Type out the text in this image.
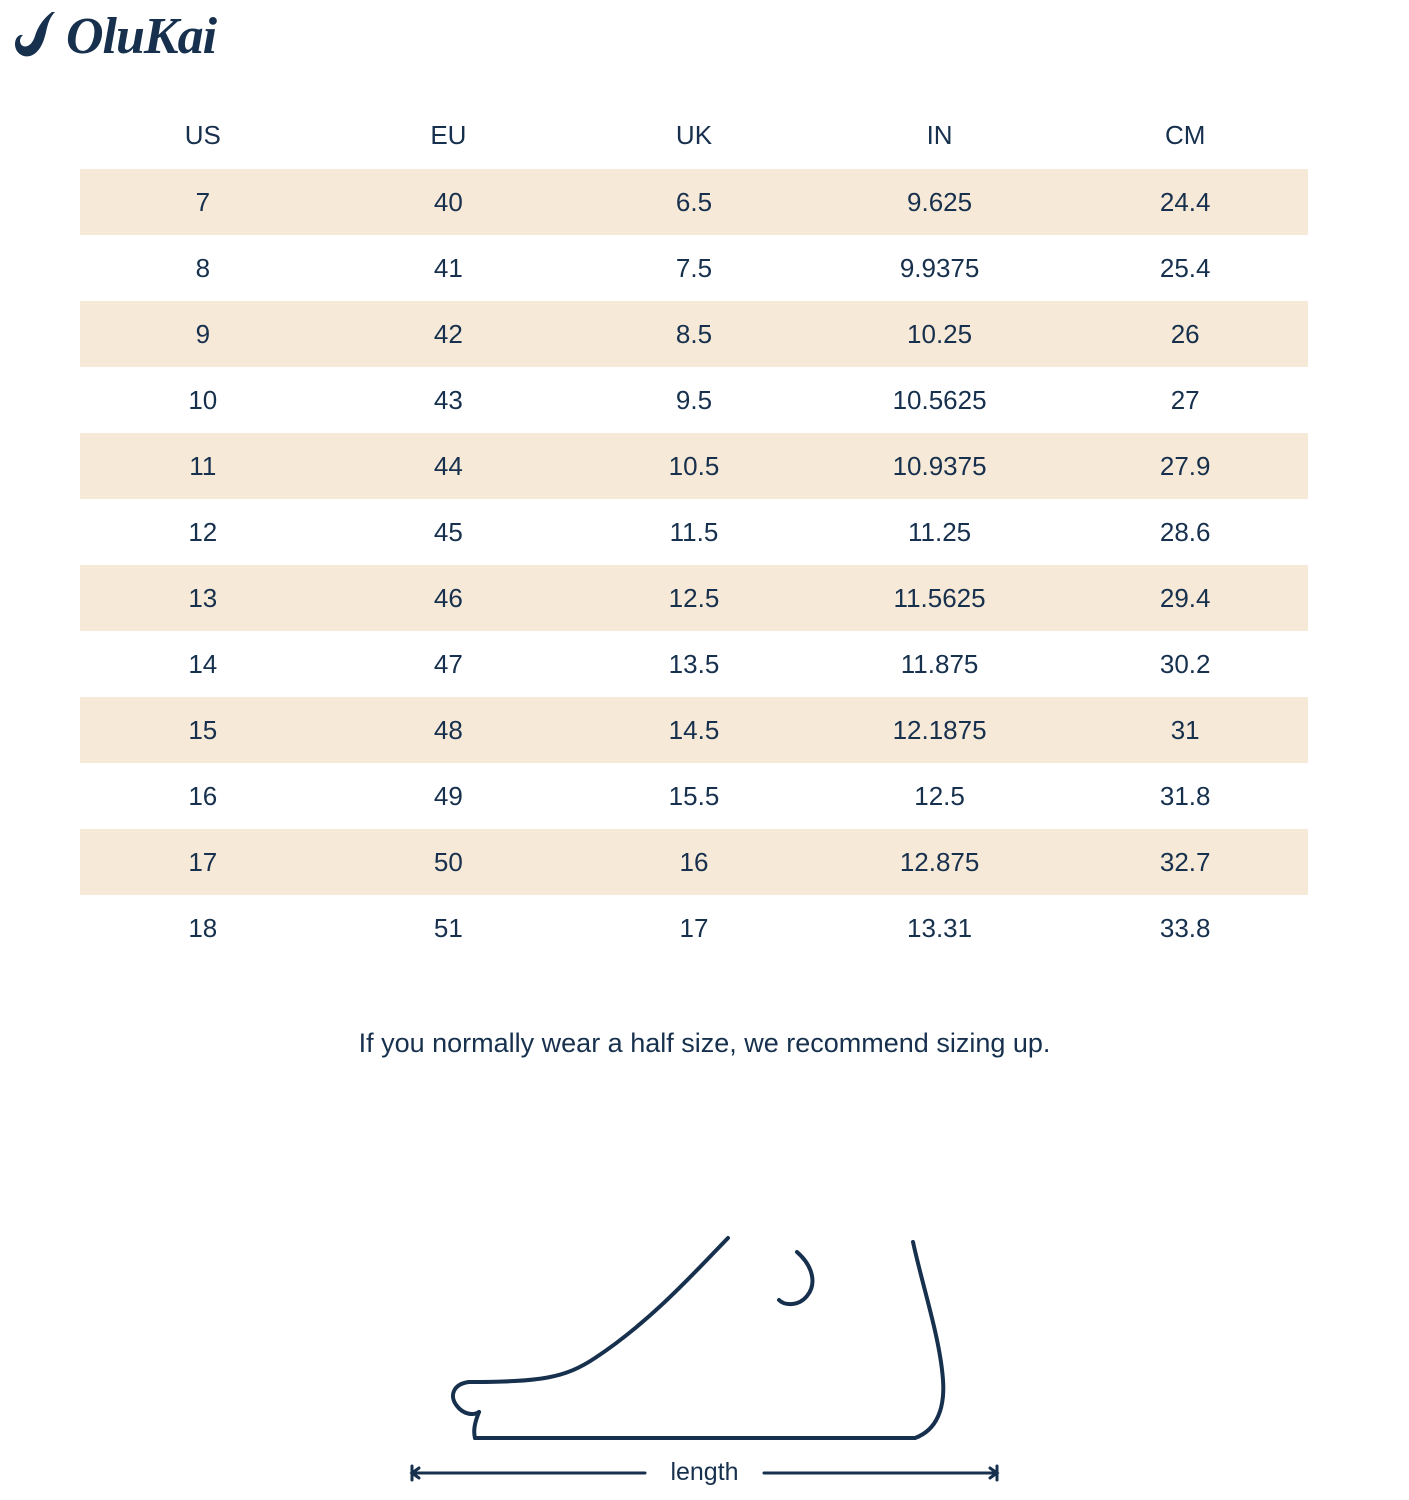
OluKai
US	EU	UK	IN	CM
7	40	6.5	9.625	24.4
8	41	7.5	9.9375	25.4
9	42	8.5	10.25	26
10	43	9.5	10.5625	27
11	44	10.5	10.9375	27.9
12	45	11.5	11.25	28.6
13	46	12.5	11.5625	29.4
14	47	13.5	11.875	30.2
15	48	14.5	12.1875	31
16	49	15.5	12.5	31.8
17	50	16	12.875	32.7
18	51	17	13.31	33.8
If you normally wear a half size, we recommend sizing up.
length
